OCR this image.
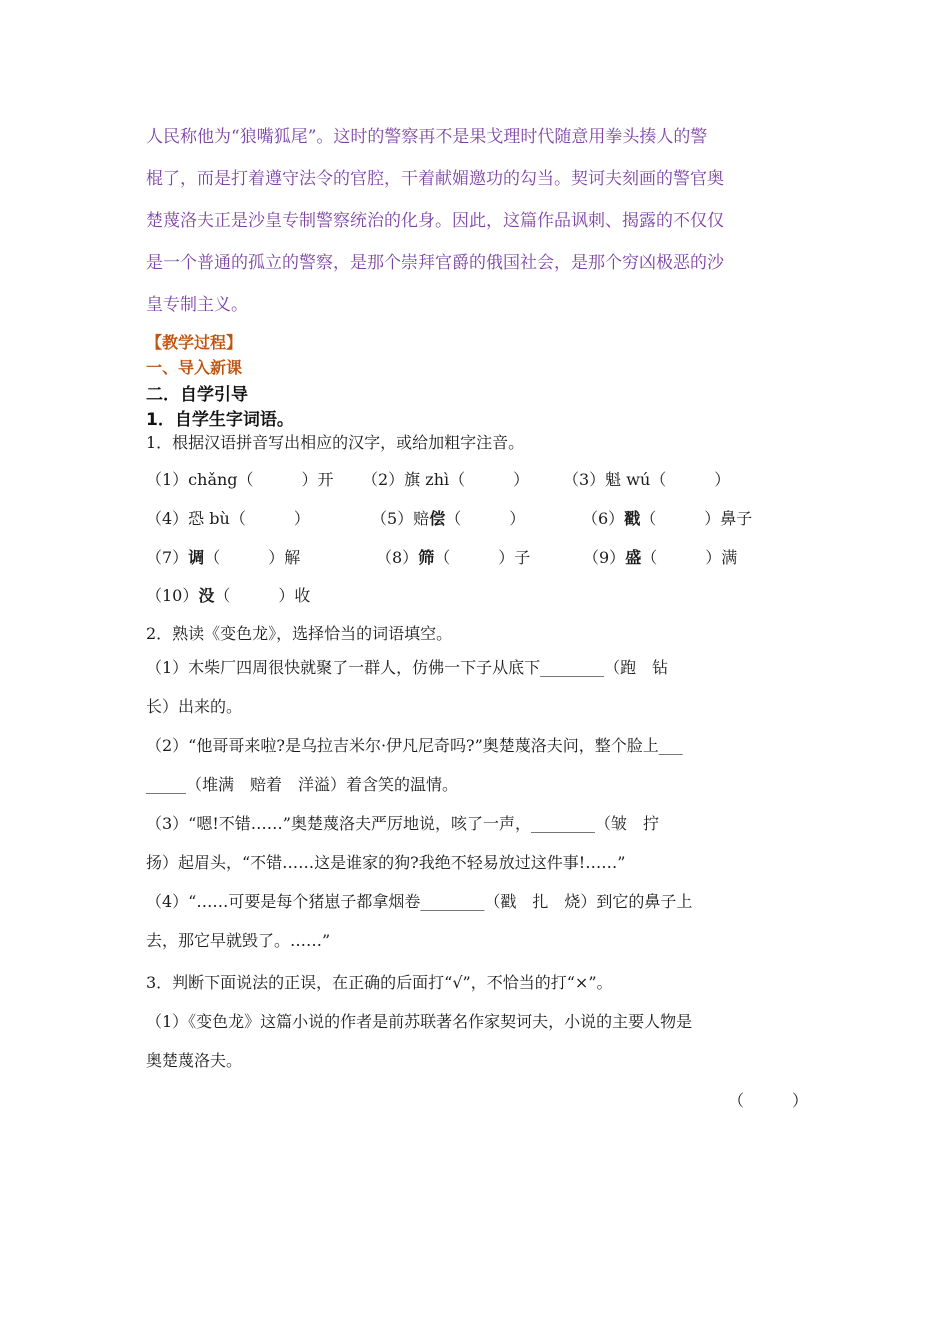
人民称他为“狼嘴狐尾”。这时的警察再不是果戈理时代随意用拳头揍人的警

棍了，而是打着遵守法令的官腔，干着献媚邀功的勾当。契诃夫刻画的警官奥

楚蔑洛夫正是沙皇专制警察统治的化身。因此，这篇作品讽刺、揭露的不仅仅

是一个普通的孤立的警察，是那个崇拜官爵的俄国社会，是那个穷凶极恶的沙

皇专制主义。

【教学过程】
一、导入新课
二．自学引导
1．自学生字词语。
1．根据汉语拼音写出相应的汉字，或给加粗字注音。
（1）chǎng（　　　）开 （2）旗 zhì（　　　） （3）魁 wú（　　　）
（4）恐 bù（　　　）	（5）赔偿（　　　）	（6）戳（　　　）鼻子
（7）调（　　　）解	（8）筛（　　　）子	（9）盛（　　　）满
（10）没（　　　）收
2．熟读《变色龙》，选择恰当的词语填空。

（1）木柴厂四周很快就聚了一群人，仿佛一下子从底下________（跑　钻

长）出来的。

（2）“他哥哥来啦?是乌拉吉米尔·伊凡尼奇吗?”奥楚蔑洛夫问，整个脸上___

_____（堆满　赔着　洋溢）着含笑的温情。

（3）“嗯!不错……”奥楚蔑洛夫严厉地说，咳了一声，________（皱　拧

扬）起眉头，“不错……这是谁家的狗?我绝不轻易放过这件事!……”

（4）“……可要是每个猪崽子都拿烟卷________（戳　扎　烧）到它的鼻子上

去，那它早就毁了。……”

3．判断下面说法的正误，在正确的后面打“√”，不恰当的打“×”。

（1）《变色龙》这篇小说的作者是前苏联著名作家契诃夫，小说的主要人物是

奥楚蔑洛夫。

（　　　）
